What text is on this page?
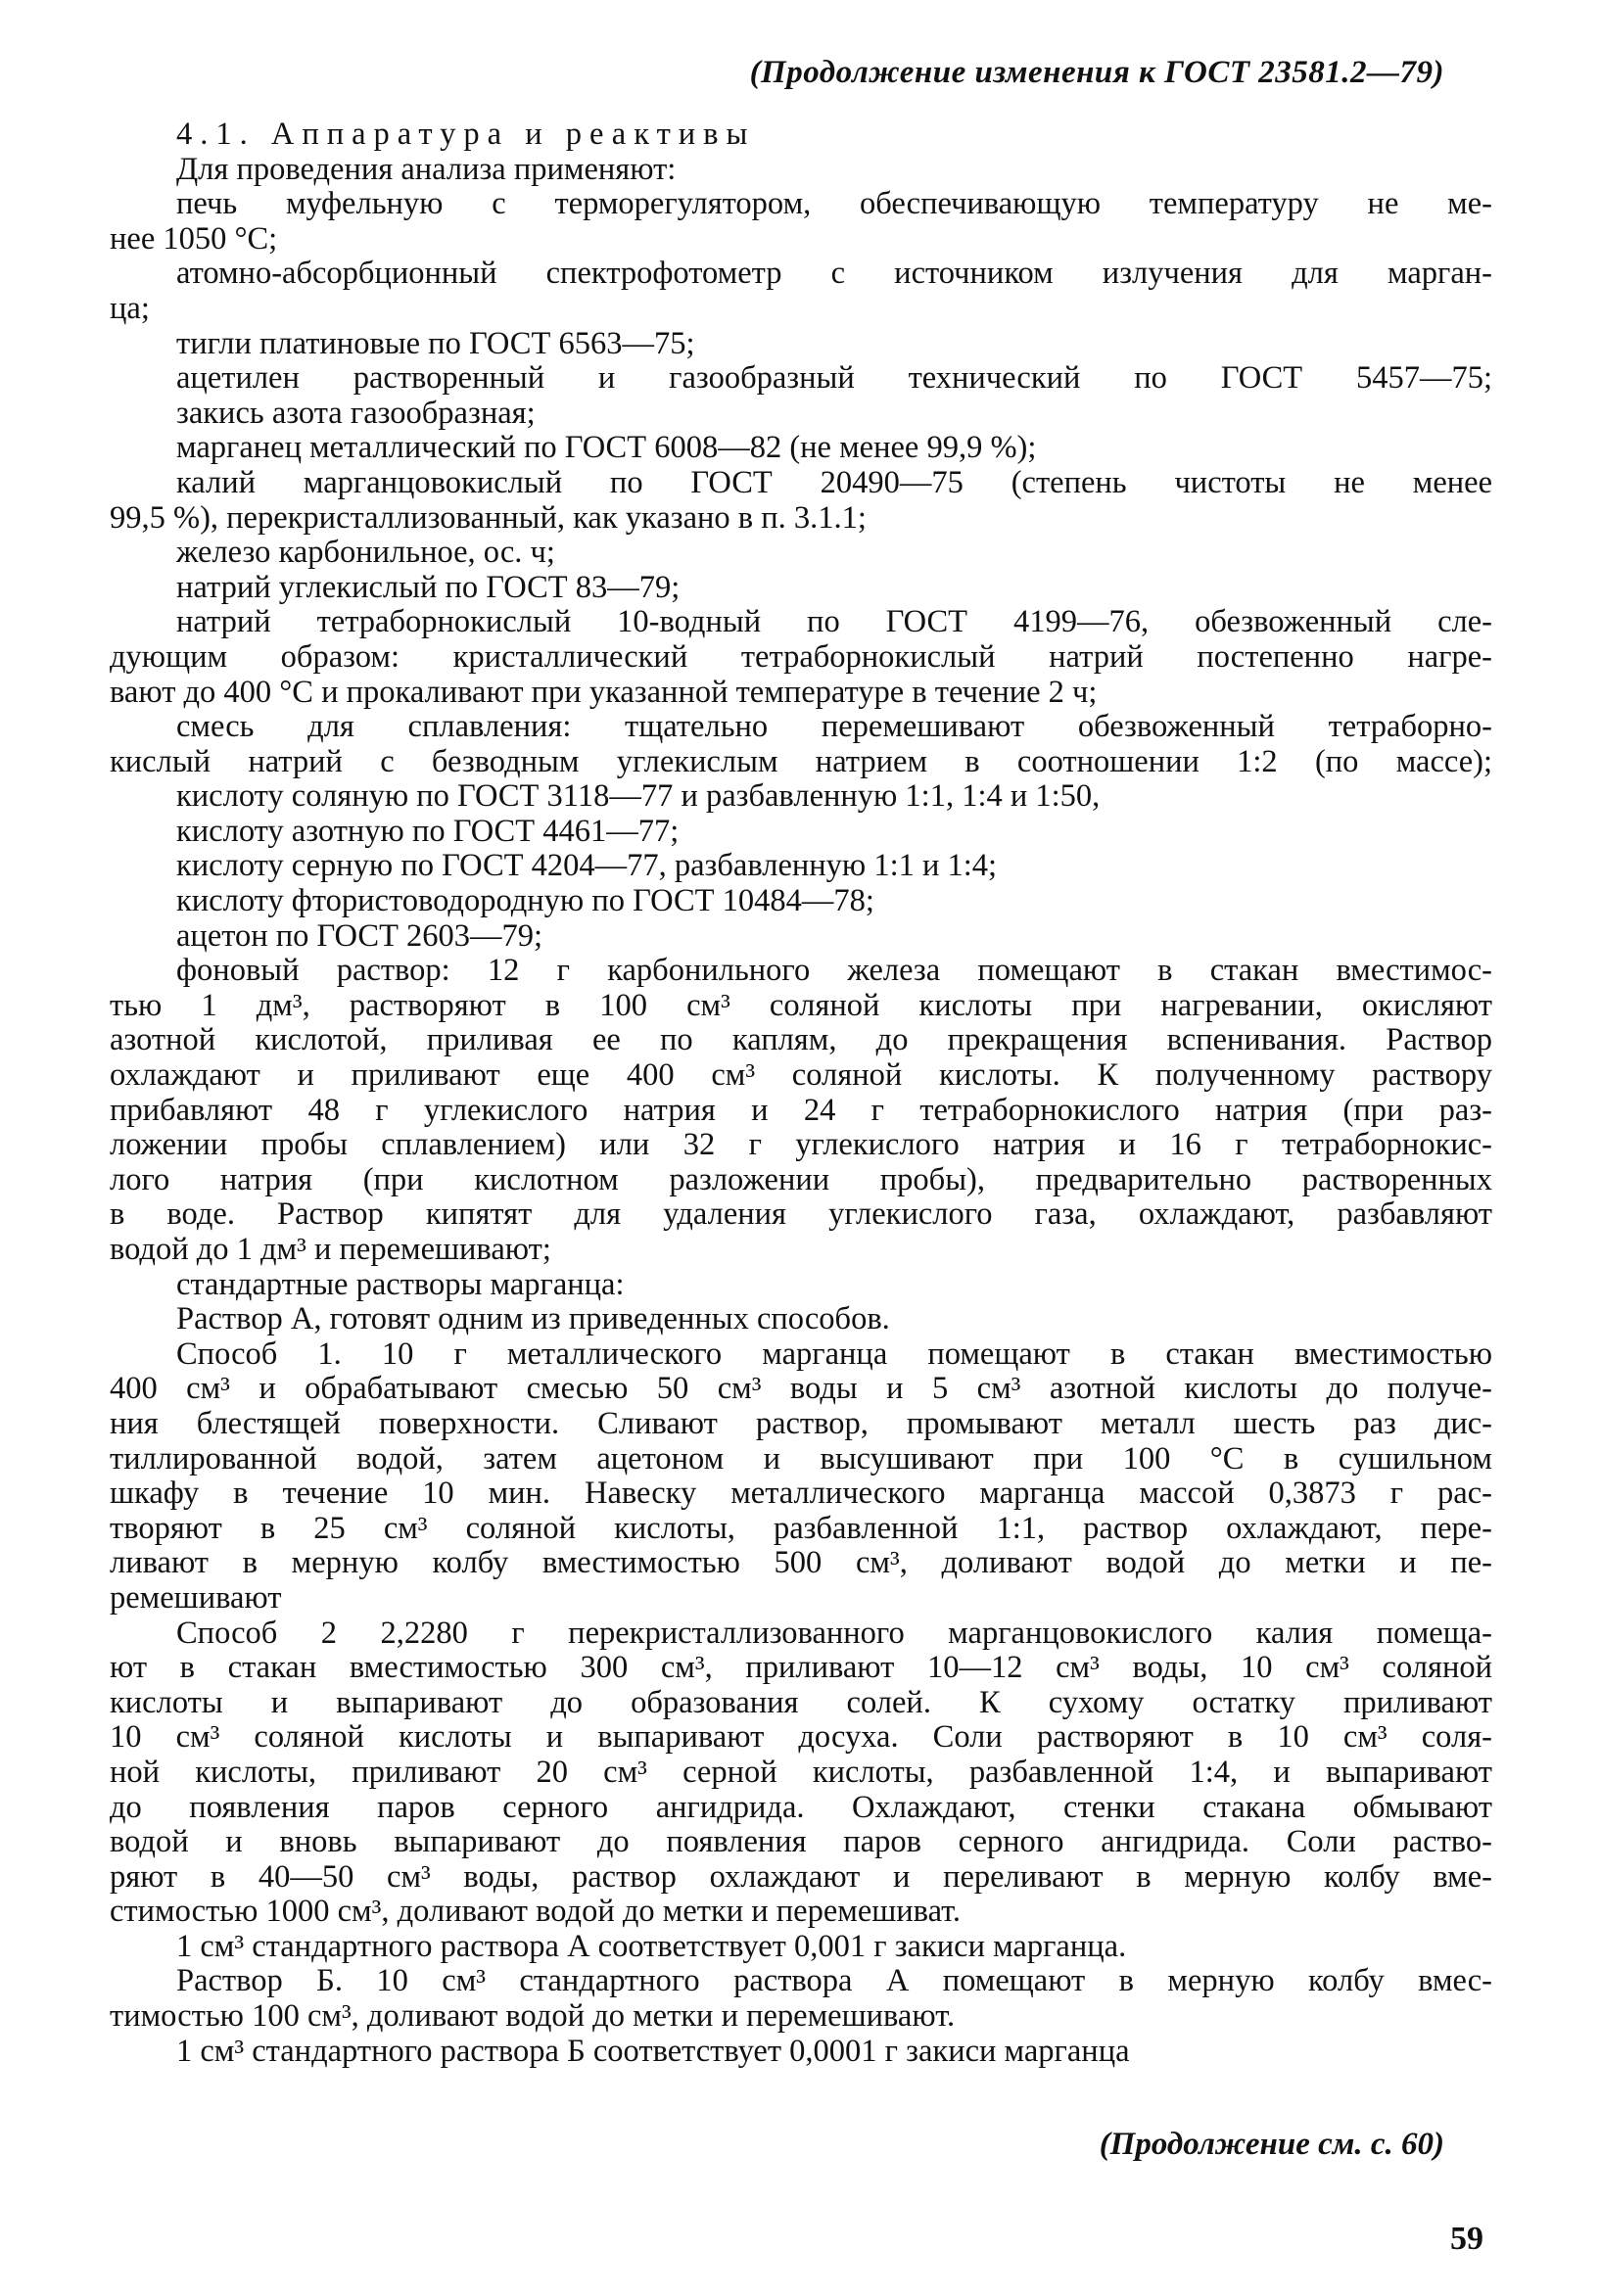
(Продолжение изменения к ГОСТ 23581.2—79)
4.1. Аппаратура и реактивы
Для проведения анализа применяют:
печь муфельную с терморегулятором, обеспечивающую температуру не ме-
нее 1050 °С;
атомно-абсорбционный спектрофотометр с источником излучения для марган-
ца;
тигли платиновые по ГОСТ 6563—75;
ацетилен растворенный и газообразный технический по ГОСТ 5457—75;
закись азота газообразная;
марганец металлический по ГОСТ 6008—82 (не менее 99,9 %);
калий марганцовокислый по ГОСТ 20490—75 (степень чистоты не менее
99,5 %), перекристаллизованный, как указано в п. 3.1.1;
железо карбонильное, ос. ч;
натрий углекислый по ГОСТ 83—79;
натрий тетраборнокислый 10-водный по ГОСТ 4199—76, обезвоженный сле-
дующим образом: кристаллический тетраборнокислый натрий постепенно нагре-
вают до 400 °С и прокаливают при указанной температуре в течение 2 ч;
смесь для сплавления: тщательно перемешивают обезвоженный тетраборно-
кислый натрий с безводным углекислым натрием в соотношении 1:2 (по массе);
кислоту соляную по ГОСТ 3118—77 и разбавленную 1:1, 1:4 и 1:50,
кислоту азотную по ГОСТ 4461—77;
кислоту серную по ГОСТ 4204—77, разбавленную 1:1 и 1:4;
кислоту фтористоводородную по ГОСТ 10484—78;
ацетон по ГОСТ 2603—79;
фоновый раствор: 12 г карбонильного железа помещают в стакан вместимос-
тью 1 дм³, растворяют в 100 см³ соляной кислоты при нагревании, окисляют
азотной кислотой, приливая ее по каплям, до прекращения вспенивания. Раствор
охлаждают и приливают еще 400 см³ соляной кислоты. К полученному раствору
прибавляют 48 г углекислого натрия и 24 г тетраборнокислого натрия (при раз-
ложении пробы сплавлением) или 32 г углекислого натрия и 16 г тетраборнокис-
лого натрия (при кислотном разложении пробы), предварительно растворенных
в воде. Раствор кипятят для удаления углекислого газа, охлаждают, разбавляют
водой до 1 дм³ и перемешивают;
стандартные растворы марганца:
Раствор А, готовят одним из приведенных способов.
Способ 1. 10 г металлического марганца помещают в стакан вместимостью
400 см³ и обрабатывают смесью 50 см³ воды и 5 см³ азотной кислоты до получе-
ния блестящей поверхности. Сливают раствор, промывают металл шесть раз дис-
тиллированной водой, затем ацетоном и высушивают при 100 °С в сушильном
шкафу в течение 10 мин. Навеску металлического марганца массой 0,3873 г рас-
творяют в 25 см³ соляной кислоты, разбавленной 1:1, раствор охлаждают, пере-
ливают в мерную колбу вместимостью 500 см³, доливают водой до метки и пе-
ремешивают
Способ 2 2,2280 г перекристаллизованного марганцовокислого калия помеща-
ют в стакан вместимостью 300 см³, приливают 10—12 см³ воды, 10 см³ соляной
кислоты и выпаривают до образования солей. К сухому остатку приливают
10 см³ соляной кислоты и выпаривают досуха. Соли растворяют в 10 см³ соля-
ной кислоты, приливают 20 см³ серной кислоты, разбавленной 1:4, и выпаривают
до появления паров серного ангидрида. Охлаждают, стенки стакана обмывают
водой и вновь выпаривают до появления паров серного ангидрида. Соли раство-
ряют в 40—50 см³ воды, раствор охлаждают и переливают в мерную колбу вме-
стимостью 1000 см³, доливают водой до метки и перемешиват.
1 см³ стандартного раствора А соответствует 0,001 г закиси марганца.
Раствор Б. 10 см³ стандартного раствора А помещают в мерную колбу вмес-
тимостью 100 см³, доливают водой до метки и перемешивают.
1 см³ стандартного раствора Б соответствует 0,0001 г закиси марганца
(Продолжение см. с. 60)
59
